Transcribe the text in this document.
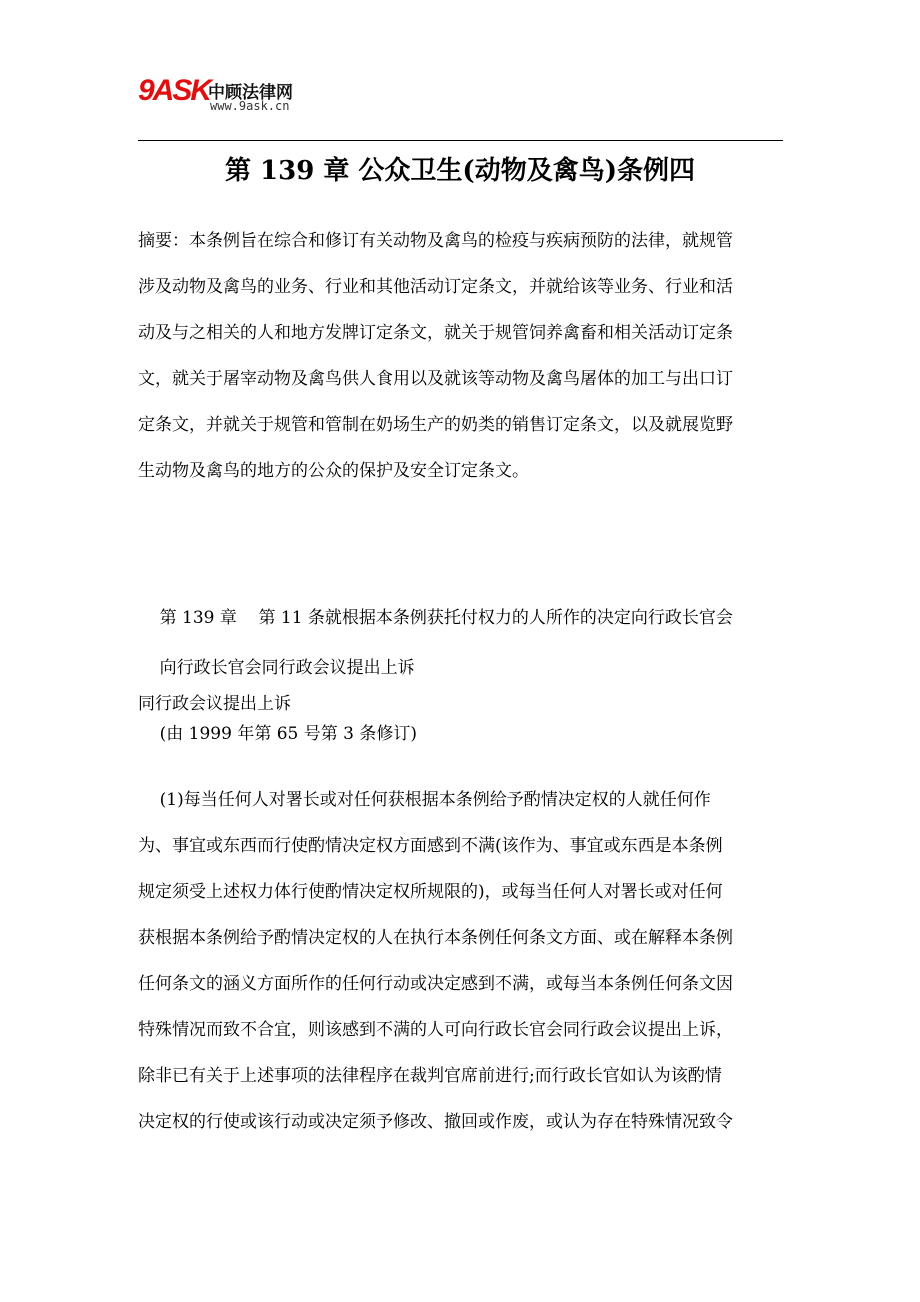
9ASK
中顾法律网
www.9ask.cn
第 139 章 公众卫生(动物及禽鸟)条例四
摘要：本条例旨在综合和修订有关动物及禽鸟的检疫与疾病预防的法律，就规管
涉及动物及禽鸟的业务、行业和其他活动订定条文，并就给该等业务、行业和活
动及与之相关的人和地方发牌订定条文，就关于规管饲养禽畜和相关活动订定条
文，就关于屠宰动物及禽鸟供人食用以及就该等动物及禽鸟屠体的加工与出口订
定条文，并就关于规管和管制在奶场生产的奶类的销售订定条文，以及就展览野
生动物及禽鸟的地方的公众的保护及安全订定条文。

第 139 章    第 11 条就根据本条例获托付权力的人所作的决定向行政长官会

同行政会议提出上诉

向行政长官会同行政会议提出上诉
(由 1999 年第 65 号第 3 条修订)
(1)每当任何人对署长或对任何获根据本条例给予酌情决定权的人就任何作
为、事宜或东西而行使酌情决定权方面感到不满(该作为、事宜或东西是本条例
规定须受上述权力体行使酌情决定权所规限的)，或每当任何人对署长或对任何
获根据本条例给予酌情决定权的人在执行本条例任何条文方面、或在解释本条例
任何条文的涵义方面所作的任何行动或决定感到不满，或每当本条例任何条文因
特殊情况而致不合宜，则该感到不满的人可向行政长官会同行政会议提出上诉，
除非已有关于上述事项的法律程序在裁判官席前进行;而行政长官如认为该酌情
决定权的行使或该行动或决定须予修改、撤回或作废，或认为存在特殊情况致令
